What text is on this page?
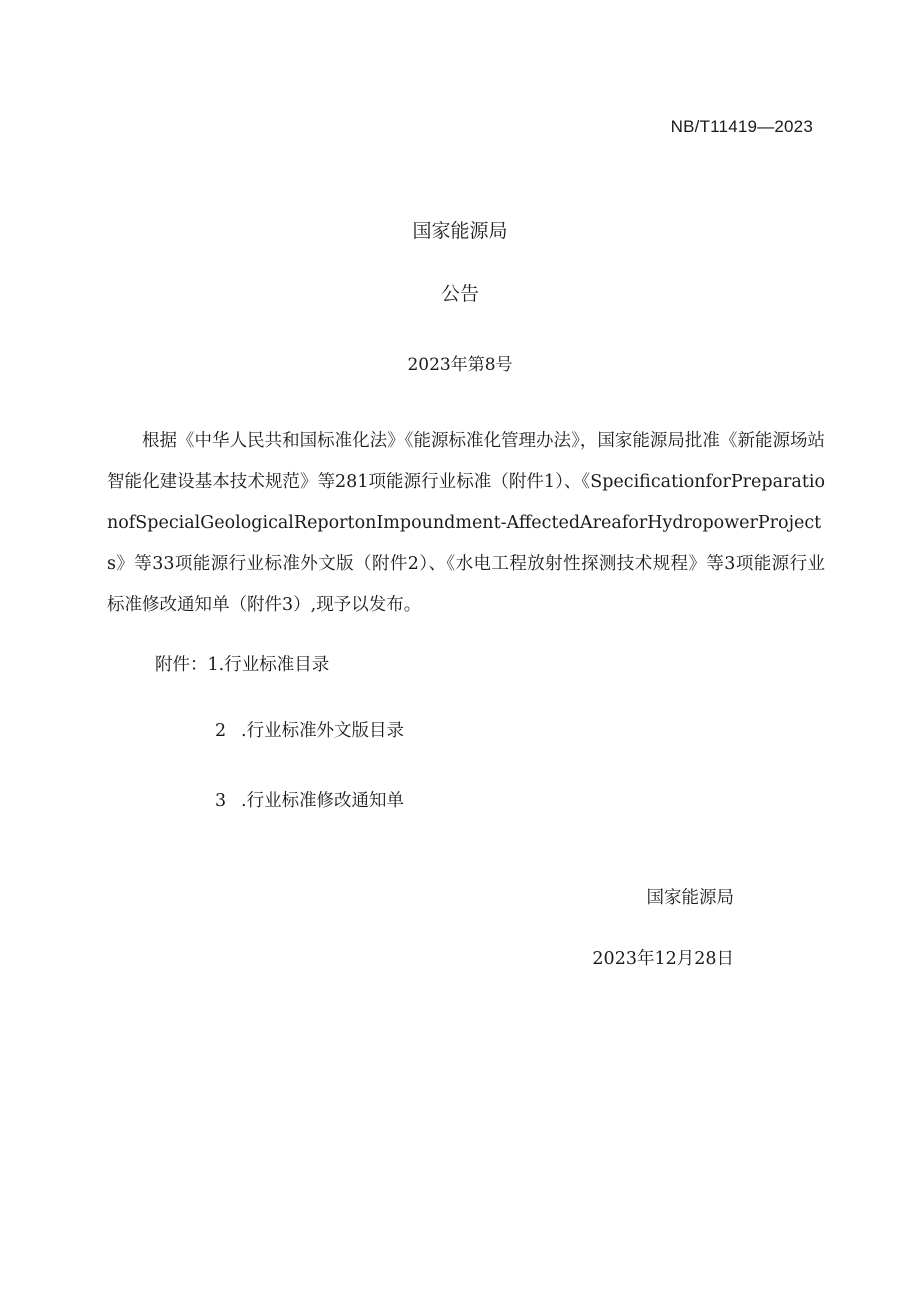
NB/T11419—2023
国家能源局
公告
2023年第8号

根据《中华人民共和国标准化法》《能源标准化管理办法》，国家能源局批准《新能源场站智能化建设基本技术规范》等281项能源行业标准（附件1）、《SpecificationforPreparationofSpecialGeologicalReportonImpoundment-AffectedAreaforHydropowerProjects》等33项能源行业标准外文版（附件2）、《水电工程放射性探测技术规程》等3项能源行业标准修改通知单（附件3）,现予以发布。

附件：1.行业标准目录
2 .行业标准外文版目录
3 .行业标准修改通知单
国家能源局
2023年12月28日
